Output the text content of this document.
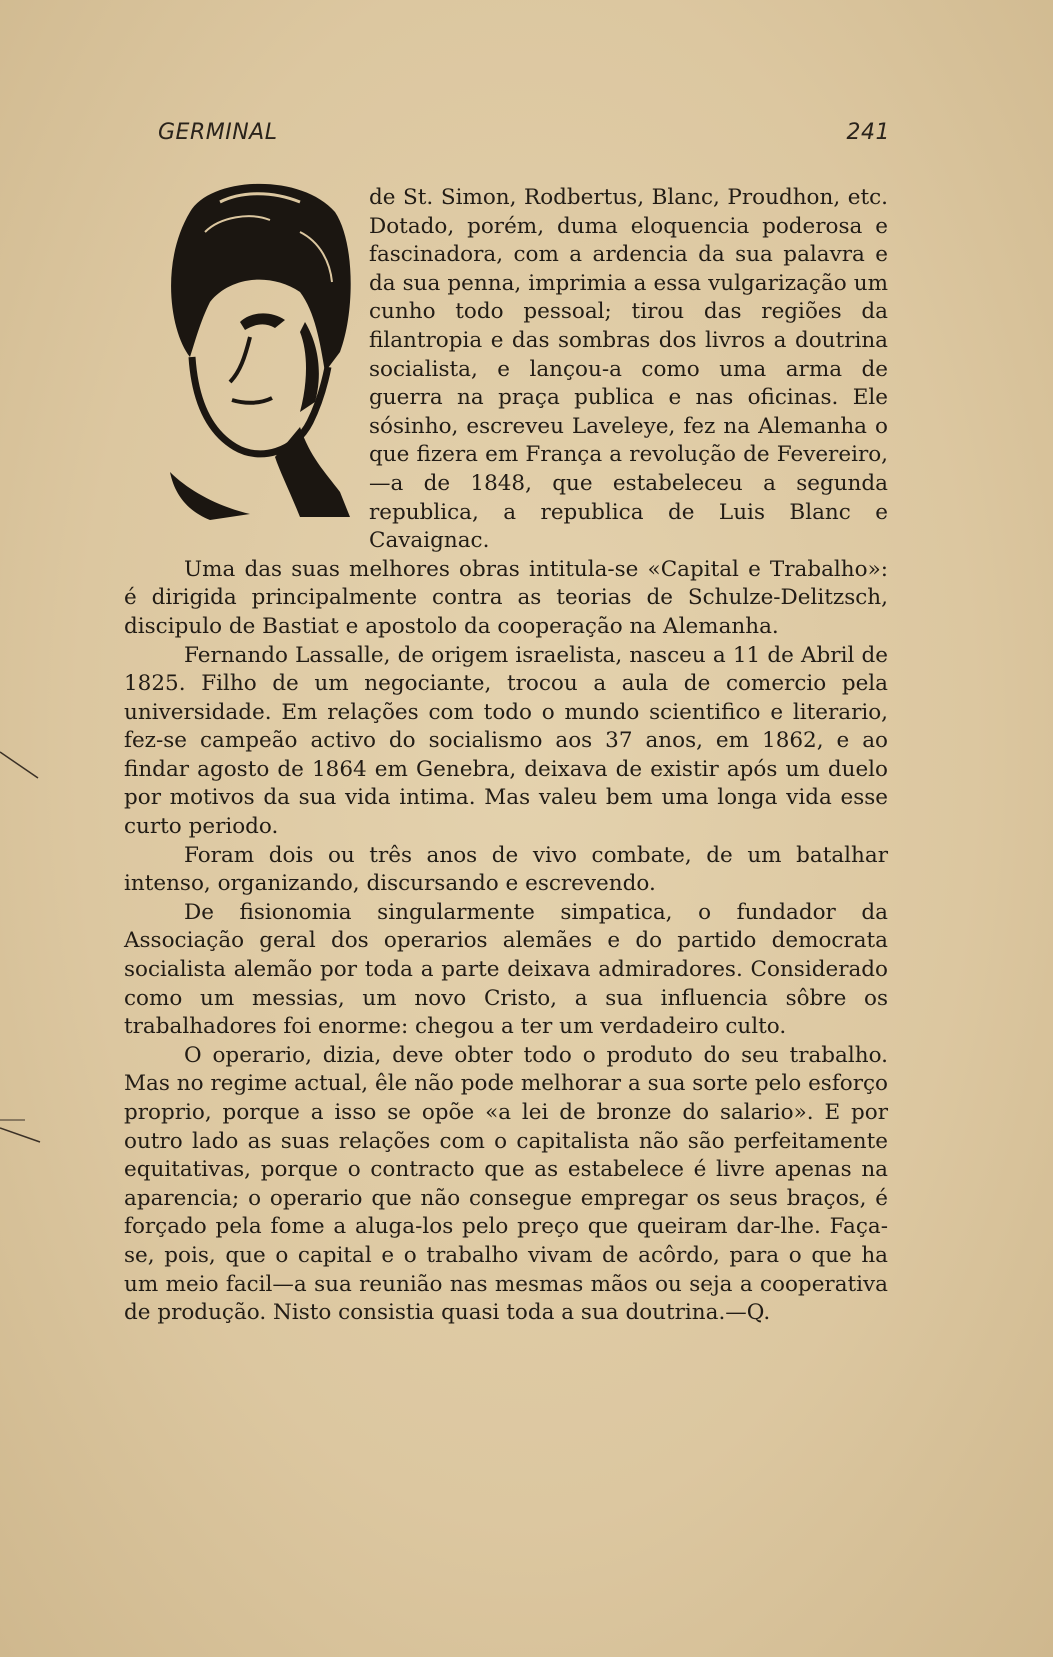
GERMINAL	241

de St. Simon, Rodbertus, Blanc, Proudhon, etc. Dotado, porém, duma eloquencia poderosa e fascinadora, com a ardencia da sua palavra e da sua penna, imprimia a essa vulgarização um cunho todo pessoal; tirou das regiões da filantropia e das sombras dos livros a doutrina socialista, e lançou-a como uma arma de guerra na praça publica e nas oficinas. Ele sósinho, escreveu Laveleye, fez na Alemanha o que fizera em França a revolução de Fevereiro, —a de 1848, que estabeleceu a segunda republica, a republica de Luis Blanc e Cavaignac.

Uma das suas melhores obras intitula-se «Capital e Trabalho»: é dirigida principalmente contra as teorias de Schulze-Delitzsch, discipulo de Bastiat e apostolo da cooperação na Alemanha.

Fernando Lassalle, de origem israelista, nasceu a 11 de Abril de 1825. Filho de um negociante, trocou a aula de comercio pela universidade. Em relações com todo o mundo scientifico e literario, fez-se campeão activo do socialismo aos 37 anos, em 1862, e ao findar agosto de 1864 em Genebra, deixava de existir após um duelo por motivos da sua vida intima. Mas valeu bem uma longa vida esse curto periodo.

Foram dois ou três anos de vivo combate, de um batalhar intenso, organizando, discursando e escrevendo.

De fisionomia singularmente simpatica, o fundador da Associação geral dos operarios alemães e do partido democrata socialista alemão por toda a parte deixava admiradores. Considerado como um messias, um novo Cristo, a sua influencia sôbre os trabalhadores foi enorme: chegou a ter um verdadeiro culto.

O operario, dizia, deve obter todo o produto do seu trabalho. Mas no regime actual, êle não pode melhorar a sua sorte pelo esforço proprio, porque a isso se opõe «a lei de bronze do salario». E por outro lado as suas relações com o capitalista não são perfeitamente equitativas, porque o contracto que as estabelece é livre apenas na aparencia; o operario que não consegue empregar os seus braços, é forçado pela fome a aluga-los pelo preço que queiram dar-lhe. Faça-se, pois, que o capital e o trabalho vivam de acôrdo, para o que ha um meio facil—a sua reunião nas mesmas mãos ou seja a cooperativa de produção. Nisto consistia quasi toda a sua doutrina.—Q.
